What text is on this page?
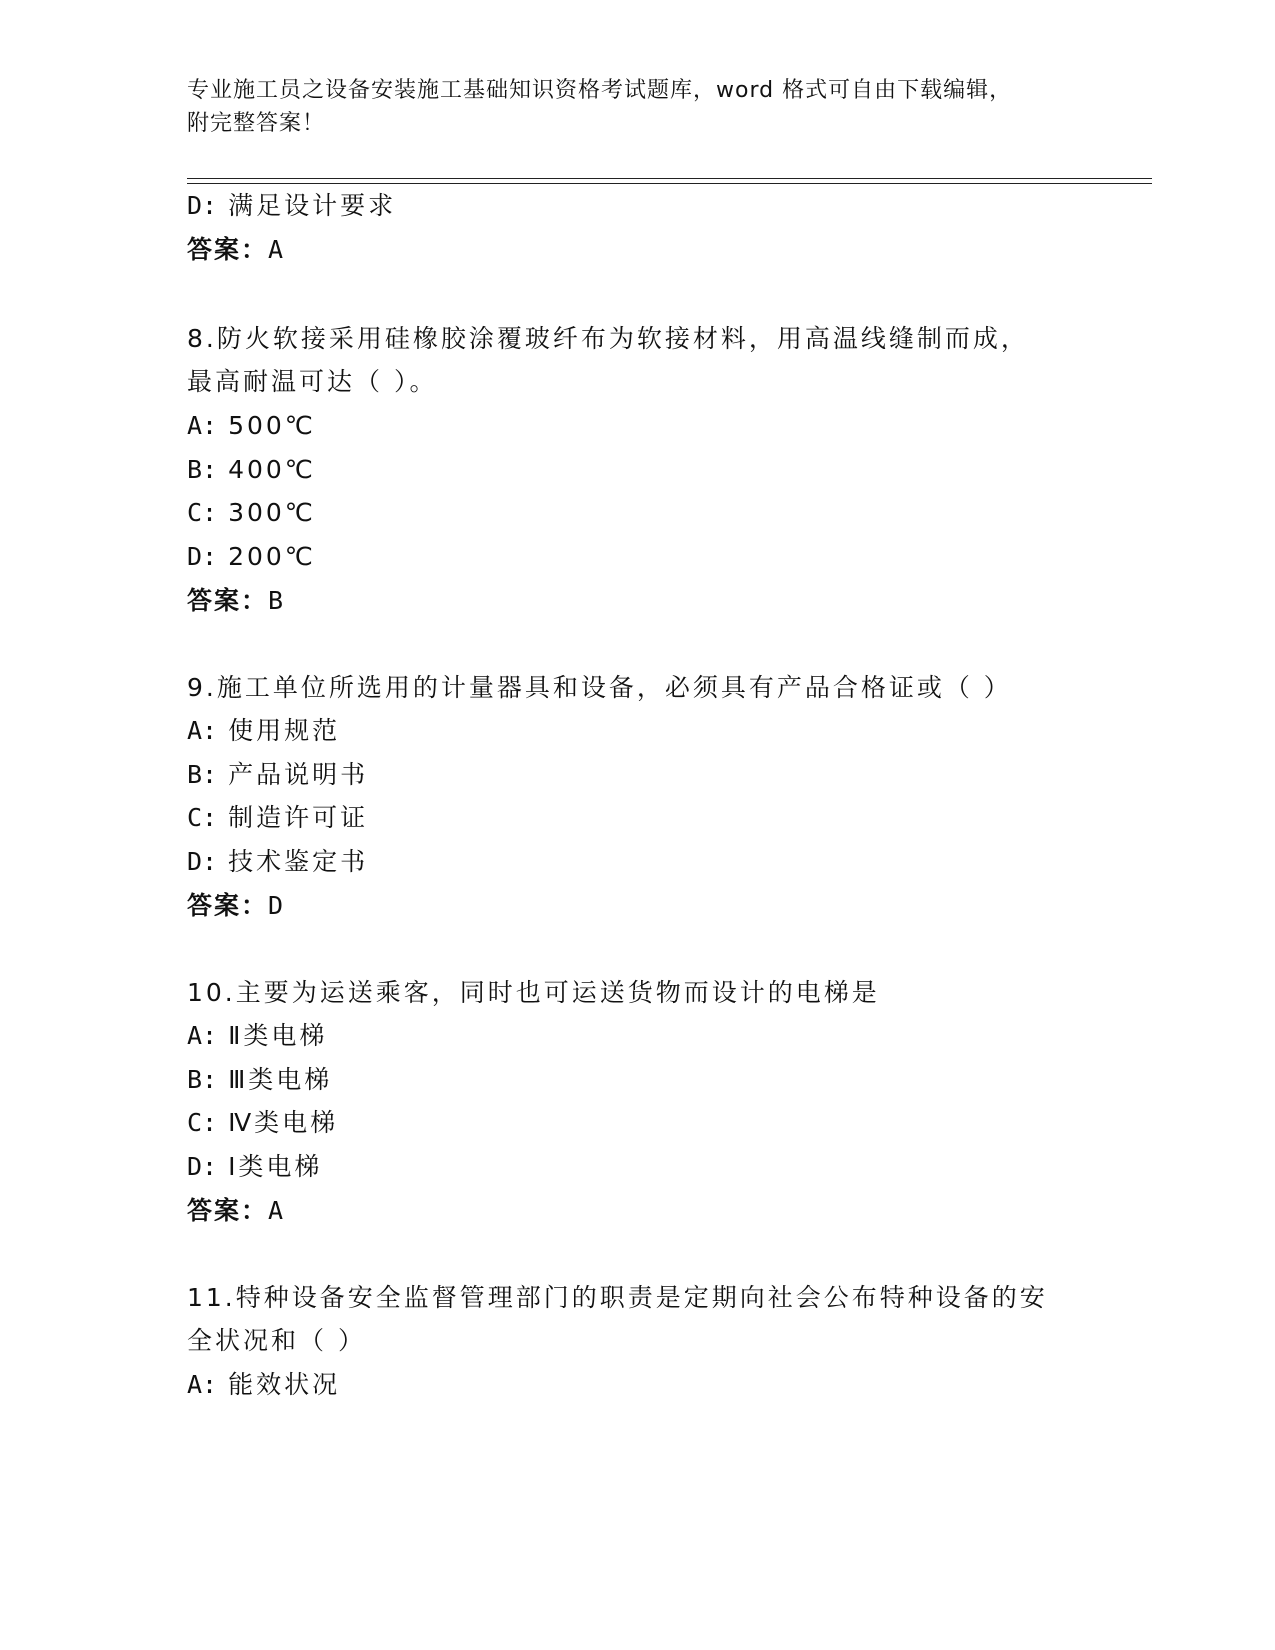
专业施工员之设备安装施工基础知识资格考试题库，word 格式可自由下载编辑，
附完整答案！
D: 满足设计要求
答案：A
8.防火软接采用硅橡胶涂覆玻纤布为软接材料，用高温线缝制而成，
最高耐温可达（ ）。
A: 500℃
B: 400℃
C: 300℃
D: 200℃
答案：B
9.施工单位所选用的计量器具和设备，必须具有产品合格证或（ ）
A: 使用规范
B: 产品说明书
C: 制造许可证
D: 技术鉴定书
答案：D
10.主要为运送乘客，同时也可运送货物而设计的电梯是
A: Ⅱ类电梯
B: Ⅲ类电梯
C: Ⅳ类电梯
D: Ⅰ类电梯
答案：A
11.特种设备安全监督管理部门的职责是定期向社会公布特种设备的安
全状况和（ ）
A: 能效状况
